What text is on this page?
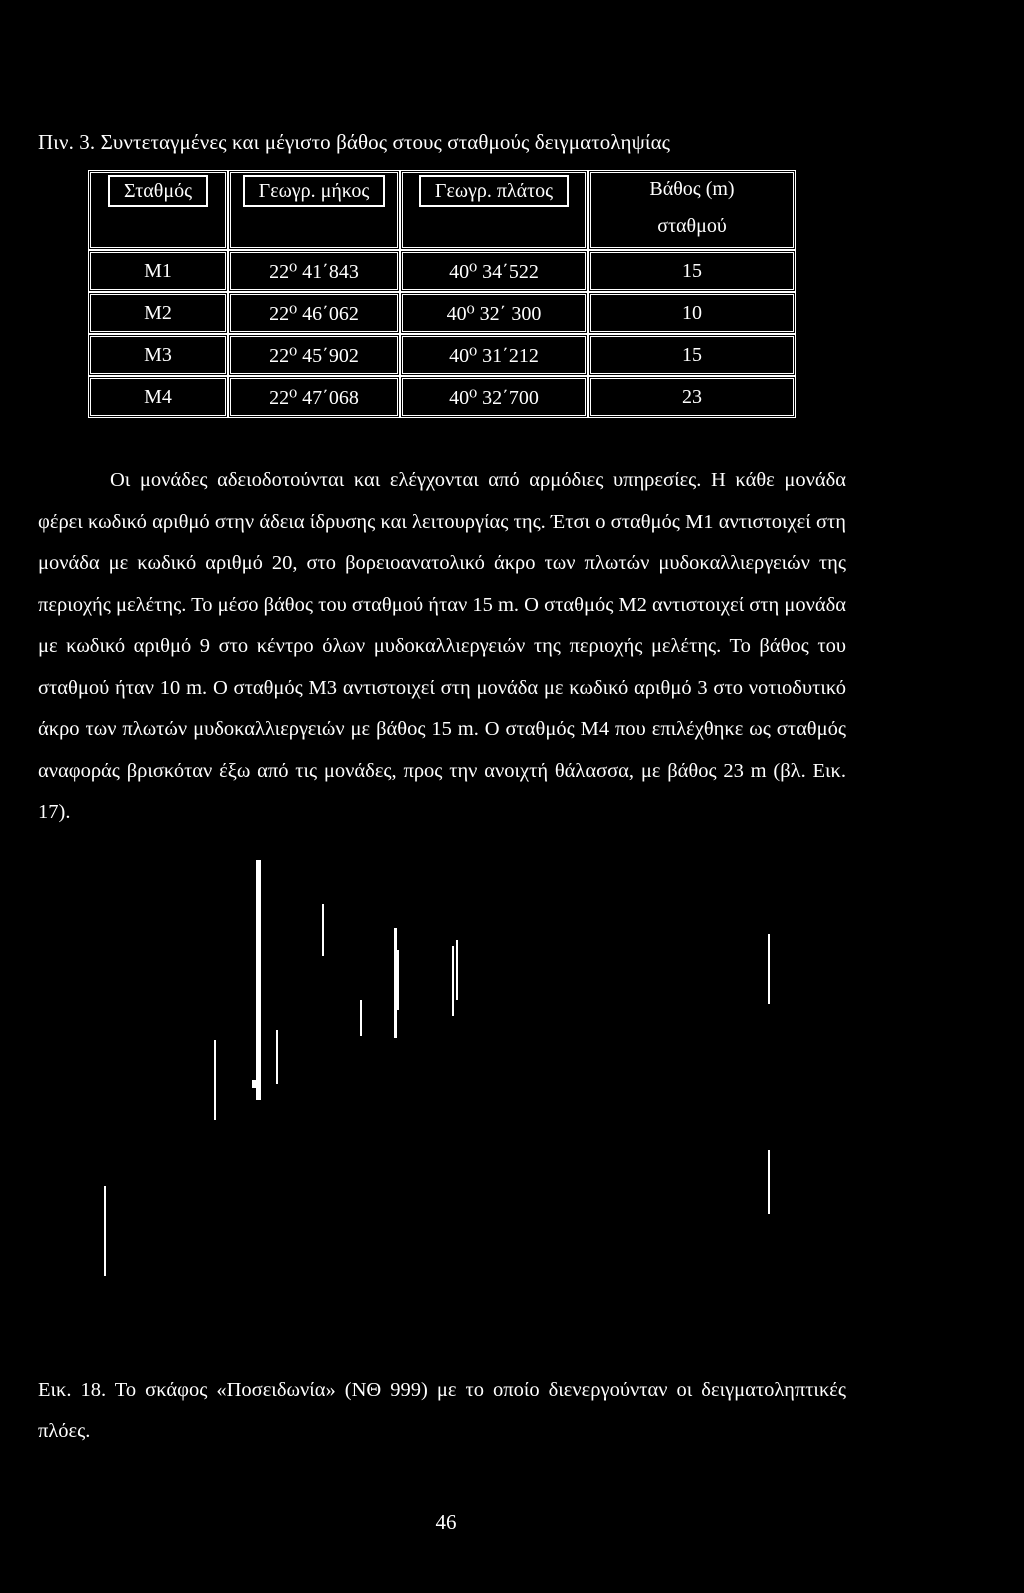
Πιν. 3. Συντεταγμένες και μέγιστο βάθος στους σταθμούς δειγματοληψίας
Σταθμός	Γεωγρ. μήκος	Γεωγρ. πλάτος	Βάθος (m)
σταθμού

Μ1	22⁰ 41΄843	40⁰ 34΄522	15
Μ2	22⁰ 46΄062	40⁰ 32΄ 300	10
Μ3	22⁰ 45΄902	40⁰ 31΄212	15
Μ4	22⁰ 47΄068	40⁰ 32΄700	23

Οι μονάδες αδειοδοτούνται και ελέγχονται από αρμόδιες υπηρεσίες. Η κάθε μονάδα φέρει κωδικό αριθμό στην άδεια ίδρυσης και λειτουργίας της. Έτσι ο σταθμός Μ1 αντιστοιχεί στη μονάδα με κωδικό αριθμό 20, στο βορειοανατολικό άκρο των πλωτών μυδοκαλλιεργειών της περιοχής μελέτης. Το μέσο βάθος του σταθμού ήταν 15 m. Ο σταθμός Μ2 αντιστοιχεί στη μονάδα με κωδικό αριθμό 9 στο κέντρο όλων μυδοκαλλιεργειών της περιοχής μελέτης. Το βάθος του σταθμού ήταν 10 m. Ο σταθμός Μ3 αντιστοιχεί στη μονάδα με κωδικό αριθμό 3 στο νοτιοδυτικό άκρο των πλωτών μυδοκαλλιεργειών με βάθος 15 m. Ο σταθμός Μ4 που επιλέχθηκε ως σταθμός αναφοράς βρισκόταν έξω από τις μονάδες, προς την ανοιχτή θάλασσα, με βάθος 23 m (βλ. Εικ. 17).

Εικ. 18. Το σκάφος «Ποσειδωνία» (ΝΘ 999) με το οποίο διενεργούνταν οι δειγματοληπτικές πλόες.
46
